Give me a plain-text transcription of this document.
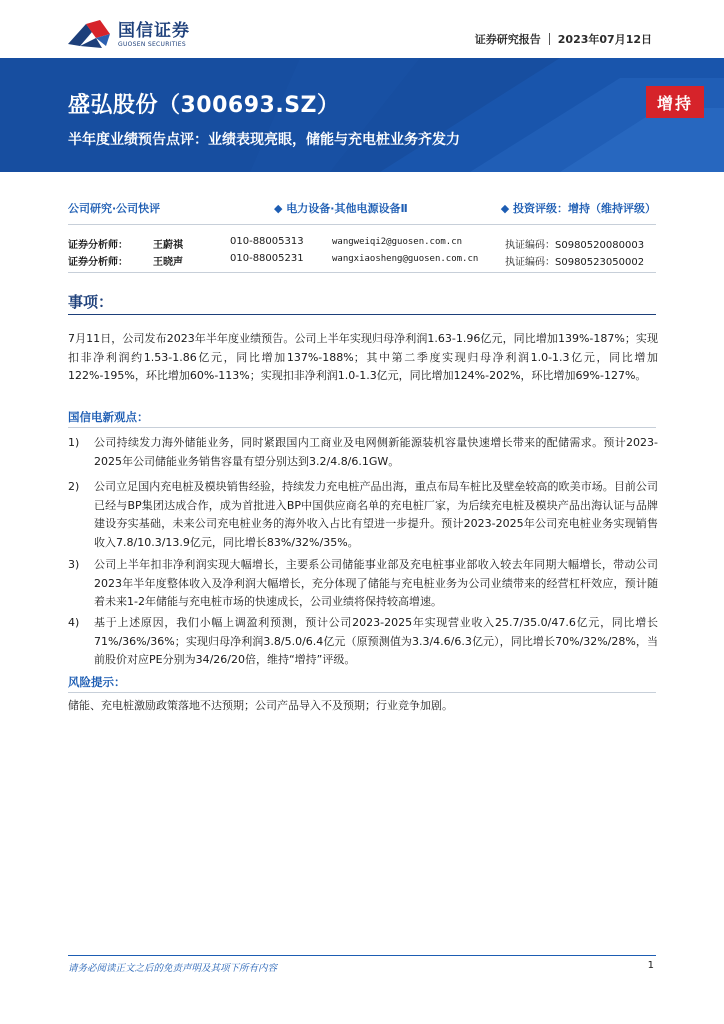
国信证券
GUOSEN SECURITIES	证券研究报告 2023年07月12日
盛弘股份（300693.SZ）
半年度业绩预告点评：业绩表现亮眼，储能与充电桩业务齐发力
增持
公司研究·公司快评	◆ 电力设备·其他电源设备Ⅱ	◆ 投资评级：增持（维持评级）
证券分析师：	王蔚祺	010-88005313	wangweiqi2@guosen.com.cn	执证编码：S0980520080003
证券分析师：	王晓声	010-88005231	wangxiaosheng@guosen.com.cn	执证编码：S0980523050002
事项：
7月11日，公司发布2023年半年度业绩预告。公司上半年实现归母净利润1.63-1.96亿元，同比增加139%-187%；实现扣非净利润约1.53-1.86亿元，同比增加137%-188%；其中第二季度实现归母净利润1.0-1.3亿元，同比增加122%-195%，环比增加60%-113%；实现扣非净利润1.0-1.3亿元，同比增加124%-202%，环比增加69%-127%。
国信电新观点：
1)	公司持续发力海外储能业务，同时紧跟国内工商业及电网侧新能源装机容量快速增长带来的配储需求。预计2023-2025年公司储能业务销售容量有望分别达到3.2/4.8/6.1GW。
2)	公司立足国内充电桩及模块销售经验，持续发力充电桩产品出海，重点布局车桩比及壁垒较高的欧美市场。目前公司已经与BP集团达成合作，成为首批进入BP中国供应商名单的充电桩厂家，为后续充电桩及模块产品出海认证与品牌建设夯实基础，未来公司充电桩业务的海外收入占比有望进一步提升。预计2023-2025年公司充电桩业务实现销售收入7.8/10.3/13.9亿元，同比增长83%/32%/35%。
3)	公司上半年扣非净利润实现大幅增长，主要系公司储能事业部及充电桩事业部收入较去年同期大幅增长，带动公司2023年半年度整体收入及净利润大幅增长，充分体现了储能与充电桩业务为公司业绩带来的经营杠杆效应，预计随着未来1-2年储能与充电桩市场的快速成长，公司业绩将保持较高增速。
4)	基于上述原因，我们小幅上调盈利预测，预计公司2023-2025年实现营业收入25.7/35.0/47.6亿元，同比增长71%/36%/36%；实现归母净利润3.8/5.0/6.4亿元（原预测值为3.3/4.6/6.3亿元），同比增长70%/32%/28%，当前股价对应PE分别为34/26/20倍，维持“增持”评级。
风险提示：
储能、充电桩激励政策落地不达预期；公司产品导入不及预期；行业竞争加剧。
请务必阅读正文之后的免责声明及其项下所有内容	1
